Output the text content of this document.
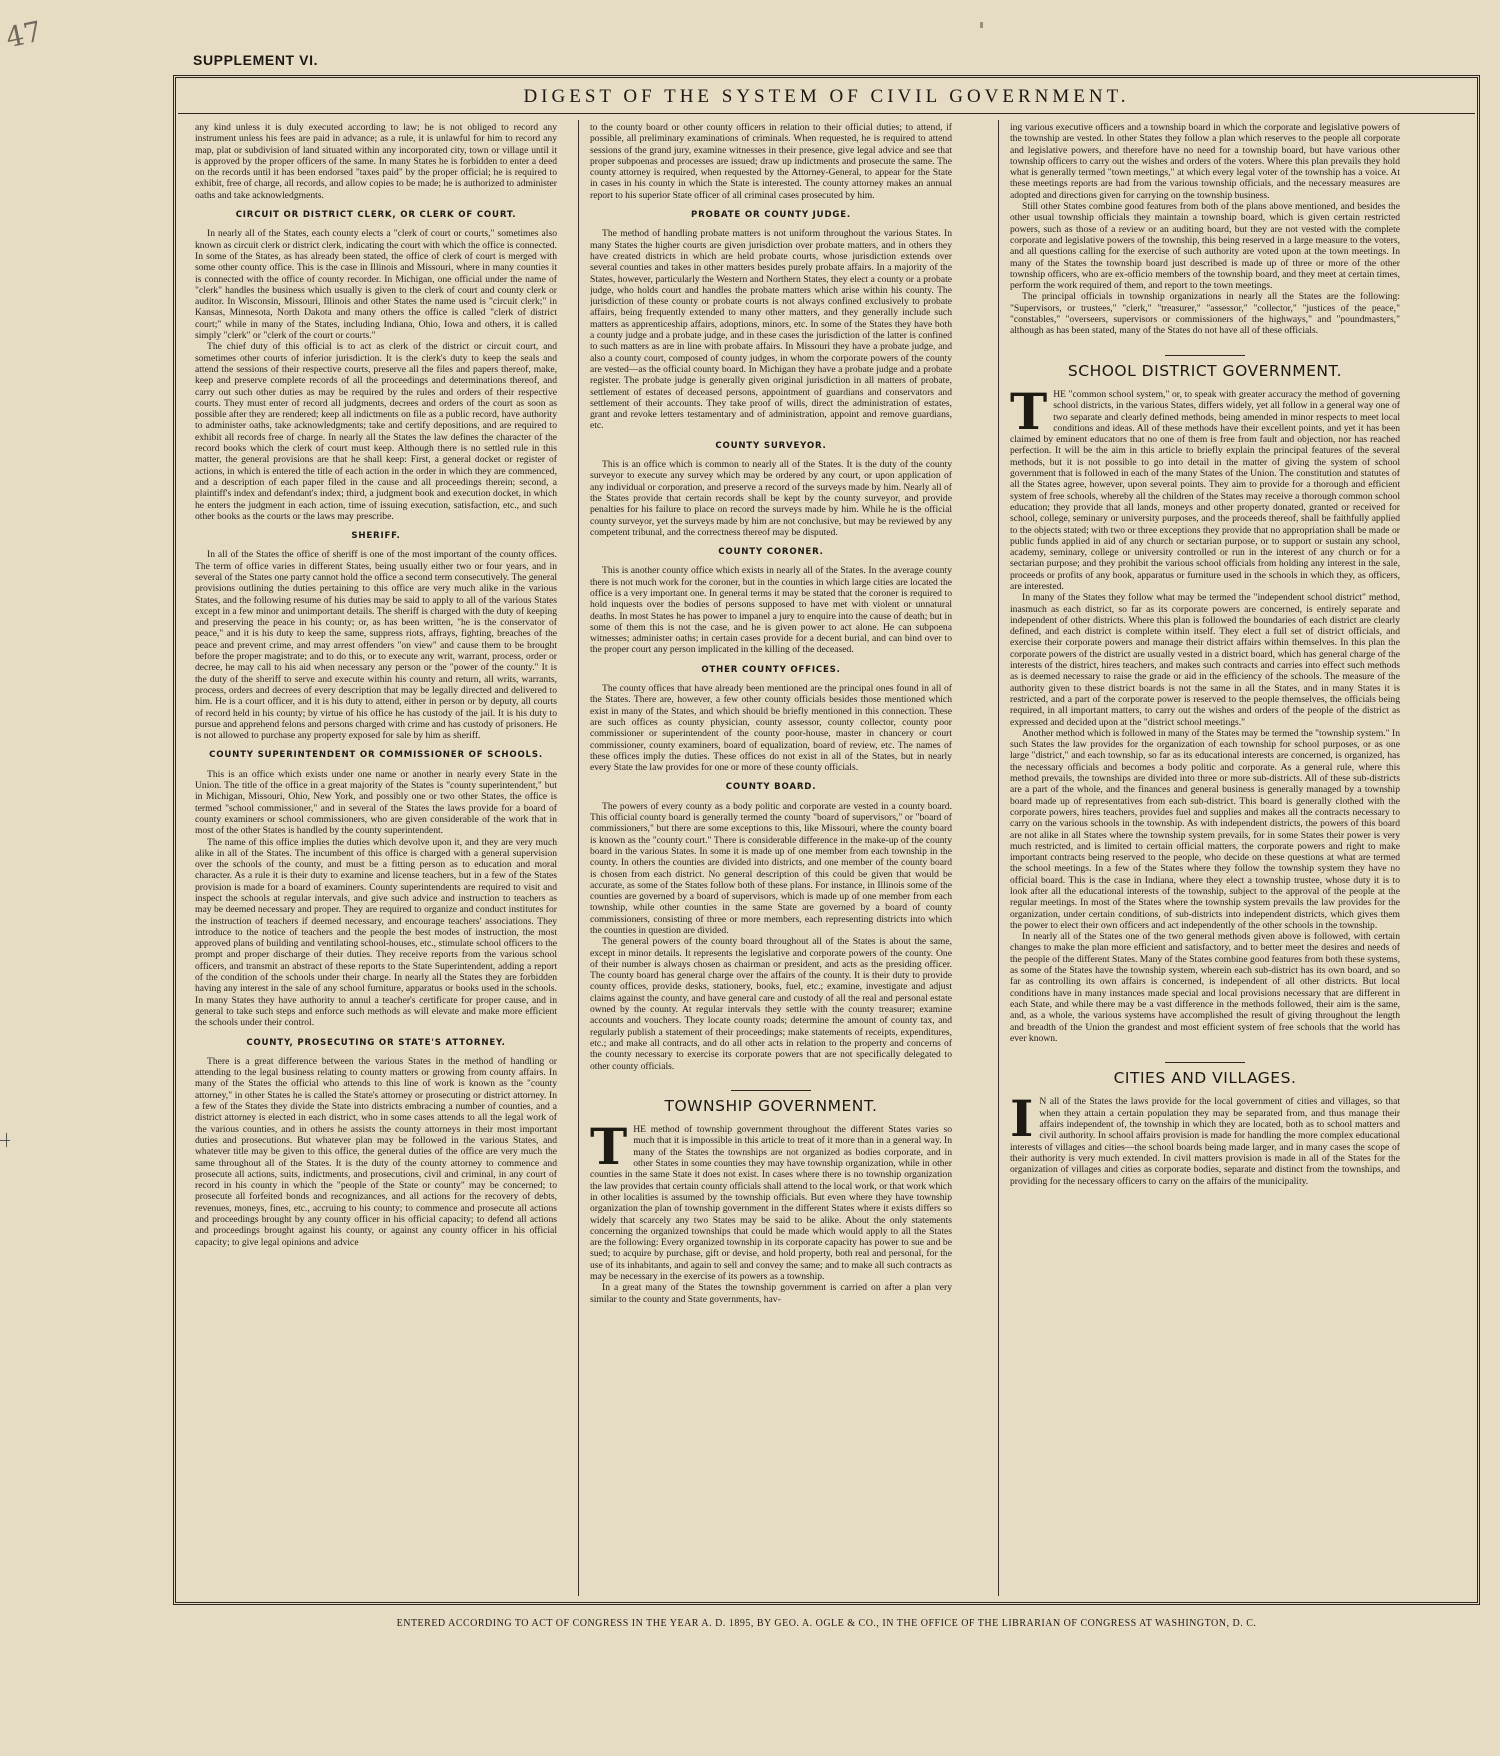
47
SUPPLEMENT VI.
DIGEST OF THE SYSTEM OF CIVIL GOVERNMENT.

any kind unless it is duly executed according to law; he is not obliged to record any instrument unless his fees are paid in advance; as a rule, it is unlawful for him to record any map, plat or subdivision of land situated within any incorporated city, town or village until it is approved by the proper officers of the same. In many States he is forbidden to enter a deed on the records until it has been endorsed "taxes paid" by the proper official; he is required to exhibit, free of charge, all records, and allow copies to be made; he is authorized to administer oaths and take acknowledgments.

CIRCUIT OR DISTRICT CLERK, OR CLERK OF COURT.

In nearly all of the States, each county elects a "clerk of court or courts," sometimes also known as circuit clerk or district clerk, indicating the court with which the office is connected. In some of the States, as has already been stated, the office of clerk of court is merged with some other county office. This is the case in Illinois and Missouri, where in many counties it is connected with the office of county recorder. In Michigan, one official under the name of "clerk" handles the business which usually is given to the clerk of court and county clerk or auditor. In Wisconsin, Missouri, Illinois and other States the name used is "circuit clerk;" in Kansas, Minnesota, North Dakota and many others the office is called "clerk of district court;" while in many of the States, including Indiana, Ohio, Iowa and others, it is called simply "clerk" or "clerk of the court or courts."

The chief duty of this official is to act as clerk of the district or circuit court, and sometimes other courts of inferior jurisdiction. It is the clerk's duty to keep the seals and attend the sessions of their respective courts, preserve all the files and papers thereof, make, keep and preserve complete records of all the proceedings and determinations thereof, and carry out such other duties as may be required by the rules and orders of their respective courts. They must enter of record all judgments, decrees and orders of the court as soon as possible after they are rendered; keep all indictments on file as a public record, have authority to administer oaths, take acknowledgments; take and certify depositions, and are required to exhibit all records free of charge. In nearly all the States the law defines the character of the record books which the clerk of court must keep. Although there is no settled rule in this matter, the general provisions are that he shall keep: First, a general docket or register of actions, in which is entered the title of each action in the order in which they are commenced, and a description of each paper filed in the cause and all proceedings therein; second, a plaintiff's index and defendant's index; third, a judgment book and execution docket, in which he enters the judgment in each action, time of issuing execution, satisfaction, etc., and such other books as the courts or the laws may prescribe.

SHERIFF.

In all of the States the office of sheriff is one of the most important of the county offices. The term of office varies in different States, being usually either two or four years, and in several of the States one party cannot hold the office a second term consecutively. The general provisions outlining the duties pertaining to this office are very much alike in the various States, and the following resume of his duties may be said to apply to all of the various States except in a few minor and unimportant details. The sheriff is charged with the duty of keeping and preserving the peace in his county; or, as has been written, "he is the conservator of peace," and it is his duty to keep the same, suppress riots, affrays, fighting, breaches of the peace and prevent crime, and may arrest offenders "on view" and cause them to be brought before the proper magistrate; and to do this, or to execute any writ, warrant, process, order or decree, he may call to his aid when necessary any person or the "power of the county." It is the duty of the sheriff to serve and execute within his county and return, all writs, warrants, process, orders and decrees of every description that may be legally directed and delivered to him. He is a court officer, and it is his duty to attend, either in person or by deputy, all courts of record held in his county; by virtue of his office he has custody of the jail. It is his duty to pursue and apprehend felons and persons charged with crime and has custody of prisoners. He is not allowed to purchase any property exposed for sale by him as sheriff.

COUNTY SUPERINTENDENT OR COMMISSIONER OF SCHOOLS.

This is an office which exists under one name or another in nearly every State in the Union. The title of the office in a great majority of the States is "county superintendent," but in Michigan, Missouri, Ohio, New York, and possibly one or two other States, the office is termed "school commissioner," and in several of the States the laws provide for a board of county examiners or school commissioners, who are given considerable of the work that in most of the other States is handled by the county superintendent.

The name of this office implies the duties which devolve upon it, and they are very much alike in all of the States. The incumbent of this office is charged with a general supervision over the schools of the county, and must be a fitting person as to education and moral character. As a rule it is their duty to examine and license teachers, but in a few of the States provision is made for a board of examiners. County superintendents are required to visit and inspect the schools at regular intervals, and give such advice and instruction to teachers as may be deemed necessary and proper. They are required to organize and conduct institutes for the instruction of teachers if deemed necessary, and encourage teachers' associations. They introduce to the notice of teachers and the people the best modes of instruction, the most approved plans of building and ventilating school-houses, etc., stimulate school officers to the prompt and proper discharge of their duties. They receive reports from the various school officers, and transmit an abstract of these reports to the State Superintendent, adding a report of the condition of the schools under their charge. In nearly all the States they are forbidden having any interest in the sale of any school furniture, apparatus or books used in the schools. In many States they have authority to annul a teacher's certificate for proper cause, and in general to take such steps and enforce such methods as will elevate and make more efficient the schools under their control.

COUNTY, PROSECUTING OR STATE'S ATTORNEY.

There is a great difference between the various States in the method of handling or attending to the legal business relating to county matters or growing from county affairs. In many of the States the official who attends to this line of work is known as the "county attorney," in other States he is called the State's attorney or prosecuting or district attorney. In a few of the States they divide the State into districts embracing a number of counties, and a district attorney is elected in each district, who in some cases attends to all the legal work of the various counties, and in others he assists the county attorneys in their most important duties and prosecutions. But whatever plan may be followed in the various States, and whatever title may be given to this office, the general duties of the office are very much the same throughout all of the States. It is the duty of the county attorney to commence and prosecute all actions, suits, indictments, and prosecutions, civil and criminal, in any court of record in his county in which the "people of the State or county" may be concerned; to prosecute all forfeited bonds and recognizances, and all actions for the recovery of debts, revenues, moneys, fines, etc., accruing to his county; to commence and prosecute all actions and proceedings brought by any county officer in his official capacity; to defend all actions and proceedings brought against his county, or against any county officer in his official capacity; to give legal opinions and advice

to the county board or other county officers in relation to their official duties; to attend, if possible, all preliminary examinations of criminals. When requested, he is required to attend sessions of the grand jury, examine witnesses in their presence, give legal advice and see that proper subpoenas and processes are issued; draw up indictments and prosecute the same. The county attorney is required, when requested by the Attorney-General, to appear for the State in cases in his county in which the State is interested. The county attorney makes an annual report to his superior State officer of all criminal cases prosecuted by him.

PROBATE OR COUNTY JUDGE.

The method of handling probate matters is not uniform throughout the various States. In many States the higher courts are given jurisdiction over probate matters, and in others they have created districts in which are held probate courts, whose jurisdiction extends over several counties and takes in other matters besides purely probate affairs. In a majority of the States, however, particularly the Western and Northern States, they elect a county or a probate judge, who holds court and handles the probate matters which arise within his county. The jurisdiction of these county or probate courts is not always confined exclusively to probate affairs, being frequently extended to many other matters, and they generally include such matters as apprenticeship affairs, adoptions, minors, etc. In some of the States they have both a county judge and a probate judge, and in these cases the jurisdiction of the latter is confined to such matters as are in line with probate affairs. In Missouri they have a probate judge, and also a county court, composed of county judges, in whom the corporate powers of the county are vested—as the official county board. In Michigan they have a probate judge and a probate register. The probate judge is generally given original jurisdiction in all matters of probate, settlement of estates of deceased persons, appointment of guardians and conservators and settlement of their accounts. They take proof of wills, direct the administration of estates, grant and revoke letters testamentary and of administration, appoint and remove guardians, etc.

COUNTY SURVEYOR.

This is an office which is common to nearly all of the States. It is the duty of the county surveyor to execute any survey which may be ordered by any court, or upon application of any individual or corporation, and preserve a record of the surveys made by him. Nearly all of the States provide that certain records shall be kept by the county surveyor, and provide penalties for his failure to place on record the surveys made by him. While he is the official county surveyor, yet the surveys made by him are not conclusive, but may be reviewed by any competent tribunal, and the correctness thereof may be disputed.

COUNTY CORONER.

This is another county office which exists in nearly all of the States. In the average county there is not much work for the coroner, but in the counties in which large cities are located the office is a very important one. In general terms it may be stated that the coroner is required to hold inquests over the bodies of persons supposed to have met with violent or unnatural deaths. In most States he has power to impanel a jury to enquire into the cause of death; but in some of them this is not the case, and he is given power to act alone. He can subpoena witnesses; administer oaths; in certain cases provide for a decent burial, and can bind over to the proper court any person implicated in the killing of the deceased.

OTHER COUNTY OFFICES.

The county offices that have already been mentioned are the principal ones found in all of the States. There are, however, a few other county officials besides those mentioned which exist in many of the States, and which should be briefly mentioned in this connection. These are such offices as county physician, county assessor, county collector, county poor commissioner or superintendent of the county poor-house, master in chancery or court commissioner, county examiners, board of equalization, board of review, etc. The names of these offices imply the duties. These offices do not exist in all of the States, but in nearly every State the law provides for one or more of these county officials.

COUNTY BOARD.

The powers of every county as a body politic and corporate are vested in a county board. This official county board is generally termed the county "board of supervisors," or "board of commissioners," but there are some exceptions to this, like Missouri, where the county board is known as the "county court." There is considerable difference in the make-up of the county board in the various States. In some it is made up of one member from each township in the county. In others the counties are divided into districts, and one member of the county board is chosen from each district. No general description of this could be given that would be accurate, as some of the States follow both of these plans. For instance, in Illinois some of the counties are governed by a board of supervisors, which is made up of one member from each township, while other counties in the same State are governed by a board of county commissioners, consisting of three or more members, each representing districts into which the counties in question are divided.

The general powers of the county board throughout all of the States is about the same, except in minor details. It represents the legislative and corporate powers of the county. One of their number is always chosen as chairman or president, and acts as the presiding officer. The county board has general charge over the affairs of the county. It is their duty to provide county offices, provide desks, stationery, books, fuel, etc.; examine, investigate and adjust claims against the county, and have general care and custody of all the real and personal estate owned by the county. At regular intervals they settle with the county treasurer; examine accounts and vouchers. They locate county roads; determine the amount of county tax, and regularly publish a statement of their proceedings; make statements of receipts, expenditures, etc.; and make all contracts, and do all other acts in relation to the property and concerns of the county necessary to exercise its corporate powers that are not specifically delegated to other county officials.

TOWNSHIP GOVERNMENT.

THE method of township government throughout the different States varies so much that it is impossible in this article to treat of it more than in a general way. In many of the States the townships are not organized as bodies corporate, and in other States in some counties they may have township organization, while in other counties in the same State it does not exist. In cases where there is no township organization the law provides that certain county officials shall attend to the local work, or that work which in other localities is assumed by the township officials. But even where they have township organization the plan of township government in the different States where it exists differs so widely that scarcely any two States may be said to be alike. About the only statements concerning the organized townships that could be made which would apply to all the States are the following: Every organized township in its corporate capacity has power to sue and be sued; to acquire by purchase, gift or devise, and hold property, both real and personal, for the use of its inhabitants, and again to sell and convey the same; and to make all such contracts as may be necessary in the exercise of its powers as a township.

In a great many of the States the township government is carried on after a plan very similar to the county and State governments, hav-

ing various executive officers and a township board in which the corporate and legislative powers of the township are vested. In other States they follow a plan which reserves to the people all corporate and legislative powers, and therefore have no need for a township board, but have various other township officers to carry out the wishes and orders of the voters. Where this plan prevails they hold what is generally termed "town meetings," at which every legal voter of the township has a voice. At these meetings reports are had from the various township officials, and the necessary measures are adopted and directions given for carrying on the township business.

Still other States combine good features from both of the plans above mentioned, and besides the other usual township officials they maintain a township board, which is given certain restricted powers, such as those of a review or an auditing board, but they are not vested with the complete corporate and legislative powers of the township, this being reserved in a large measure to the voters, and all questions calling for the exercise of such authority are voted upon at the town meetings. In many of the States the township board just described is made up of three or more of the other township officers, who are ex-officio members of the township board, and they meet at certain times, perform the work required of them, and report to the town meetings.

The principal officials in township organizations in nearly all the States are the following: "Supervisors, or trustees," "clerk," "treasurer," "assessor," "collector," "justices of the peace," "constables," "overseers, supervisors or commissioners of the highways," and "poundmasters," although as has been stated, many of the States do not have all of these officials.

SCHOOL DISTRICT GOVERNMENT.

THE "common school system," or, to speak with greater accuracy the method of governing school districts, in the various States, differs widely, yet all follow in a general way one of two separate and clearly defined methods, being amended in minor respects to meet local conditions and ideas. All of these methods have their excellent points, and yet it has been claimed by eminent educators that no one of them is free from fault and objection, nor has reached perfection. It will be the aim in this article to briefly explain the principal features of the several methods, but it is not possible to go into detail in the matter of giving the system of school government that is followed in each of the many States of the Union. The constitution and statutes of all the States agree, however, upon several points. They aim to provide for a thorough and efficient system of free schools, whereby all the children of the States may receive a thorough common school education; they provide that all lands, moneys and other property donated, granted or received for school, college, seminary or university purposes, and the proceeds thereof, shall be faithfully applied to the objects stated; with two or three exceptions they provide that no appropriation shall be made or public funds applied in aid of any church or sectarian purpose, or to support or sustain any school, academy, seminary, college or university controlled or run in the interest of any church or for a sectarian purpose; and they prohibit the various school officials from holding any interest in the sale, proceeds or profits of any book, apparatus or furniture used in the schools in which they, as officers, are interested.

In many of the States they follow what may be termed the "independent school district" method, inasmuch as each district, so far as its corporate powers are concerned, is entirely separate and independent of other districts. Where this plan is followed the boundaries of each district are clearly defined, and each district is complete within itself. They elect a full set of district officials, and exercise their corporate powers and manage their district affairs within themselves. In this plan the corporate powers of the district are usually vested in a district board, which has general charge of the interests of the district, hires teachers, and makes such contracts and carries into effect such methods as is deemed necessary to raise the grade or aid in the efficiency of the schools. The measure of the authority given to these district boards is not the same in all the States, and in many States it is restricted, and a part of the corporate power is reserved to the people themselves, the officials being required, in all important matters, to carry out the wishes and orders of the people of the district as expressed and decided upon at the "district school meetings."

Another method which is followed in many of the States may be termed the "township system." In such States the law provides for the organization of each township for school purposes, or as one large "district," and each township, so far as its educational interests are concerned, is organized, has the necessary officials and becomes a body politic and corporate. As a general rule, where this method prevails, the townships are divided into three or more sub-districts. All of these sub-districts are a part of the whole, and the finances and general business is generally managed by a township board made up of representatives from each sub-district. This board is generally clothed with the corporate powers, hires teachers, provides fuel and supplies and makes all the contracts necessary to carry on the various schools in the township. As with independent districts, the powers of this board are not alike in all States where the township system prevails, for in some States their power is very much restricted, and is limited to certain official matters, the corporate powers and right to make important contracts being reserved to the people, who decide on these questions at what are termed the school meetings. In a few of the States where they follow the township system they have no official board. This is the case in Indiana, where they elect a township trustee, whose duty it is to look after all the educational interests of the township, subject to the approval of the people at the regular meetings. In most of the States where the township system prevails the law provides for the organization, under certain conditions, of sub-districts into independent districts, which gives them the power to elect their own officers and act independently of the other schools in the township.

In nearly all of the States one of the two general methods given above is followed, with certain changes to make the plan more efficient and satisfactory, and to better meet the desires and needs of the people of the different States. Many of the States combine good features from both these systems, as some of the States have the township system, wherein each sub-district has its own board, and so far as controlling its own affairs is concerned, is independent of all other districts. But local conditions have in many instances made special and local provisions necessary that are different in each State, and while there may be a vast difference in the methods followed, their aim is the same, and, as a whole, the various systems have accomplished the result of giving throughout the length and breadth of the Union the grandest and most efficient system of free schools that the world has ever known.

CITIES AND VILLAGES.

I N all of the States the laws provide for the local government of cities and villages, so that when they attain a certain population they may be separated from, and thus manage their affairs independent of, the township in which they are located, both as to school matters and civil authority. In school affairs provision is made for handling the more complex educational interests of villages and cities—the school boards being made larger, and in many cases the scope of their authority is very much extended. In civil matters provision is made in all of the States for the organization of villages and cities as corporate bodies, separate and distinct from the townships, and providing for the necessary officers to carry on the affairs of the municipality.

ENTERED ACCORDING TO ACT OF CONGRESS IN THE YEAR A. D. 1895, BY GEO. A. OGLE & CO., IN THE OFFICE OF THE LIBRARIAN OF CONGRESS AT WASHINGTON, D. C.
